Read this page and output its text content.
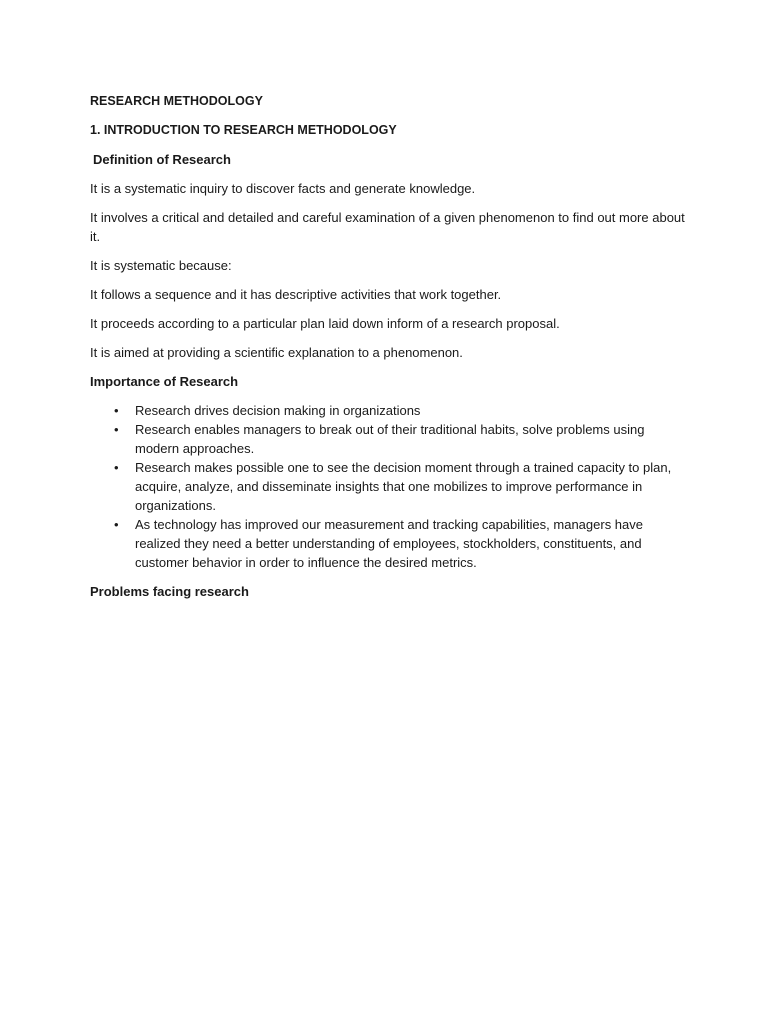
RESEARCH METHODOLOGY

1. INTRODUCTION TO RESEARCH METHODOLOGY

Definition of Research

It is a systematic inquiry to discover facts and generate knowledge.

It involves a critical and detailed and careful examination of a given phenomenon to find out more about it.

It is systematic because:

It follows a sequence and it has descriptive activities that work together.

It proceeds according to a particular plan laid down inform of a research proposal.

It is aimed at providing a scientific explanation to a phenomenon.

Importance of Research

• Research drives decision making in organizations
• Research enables managers to break out of their traditional habits, solve problems using modern approaches.
• Research makes possible one to see the decision moment through a trained capacity to plan, acquire, analyze, and disseminate insights that one mobilizes to improve performance in organizations.
• As technology has improved our measurement and tracking capabilities, managers have realized they need a better understanding of employees, stockholders, constituents, and customer behavior in order to influence the desired metrics.

Problems facing research
